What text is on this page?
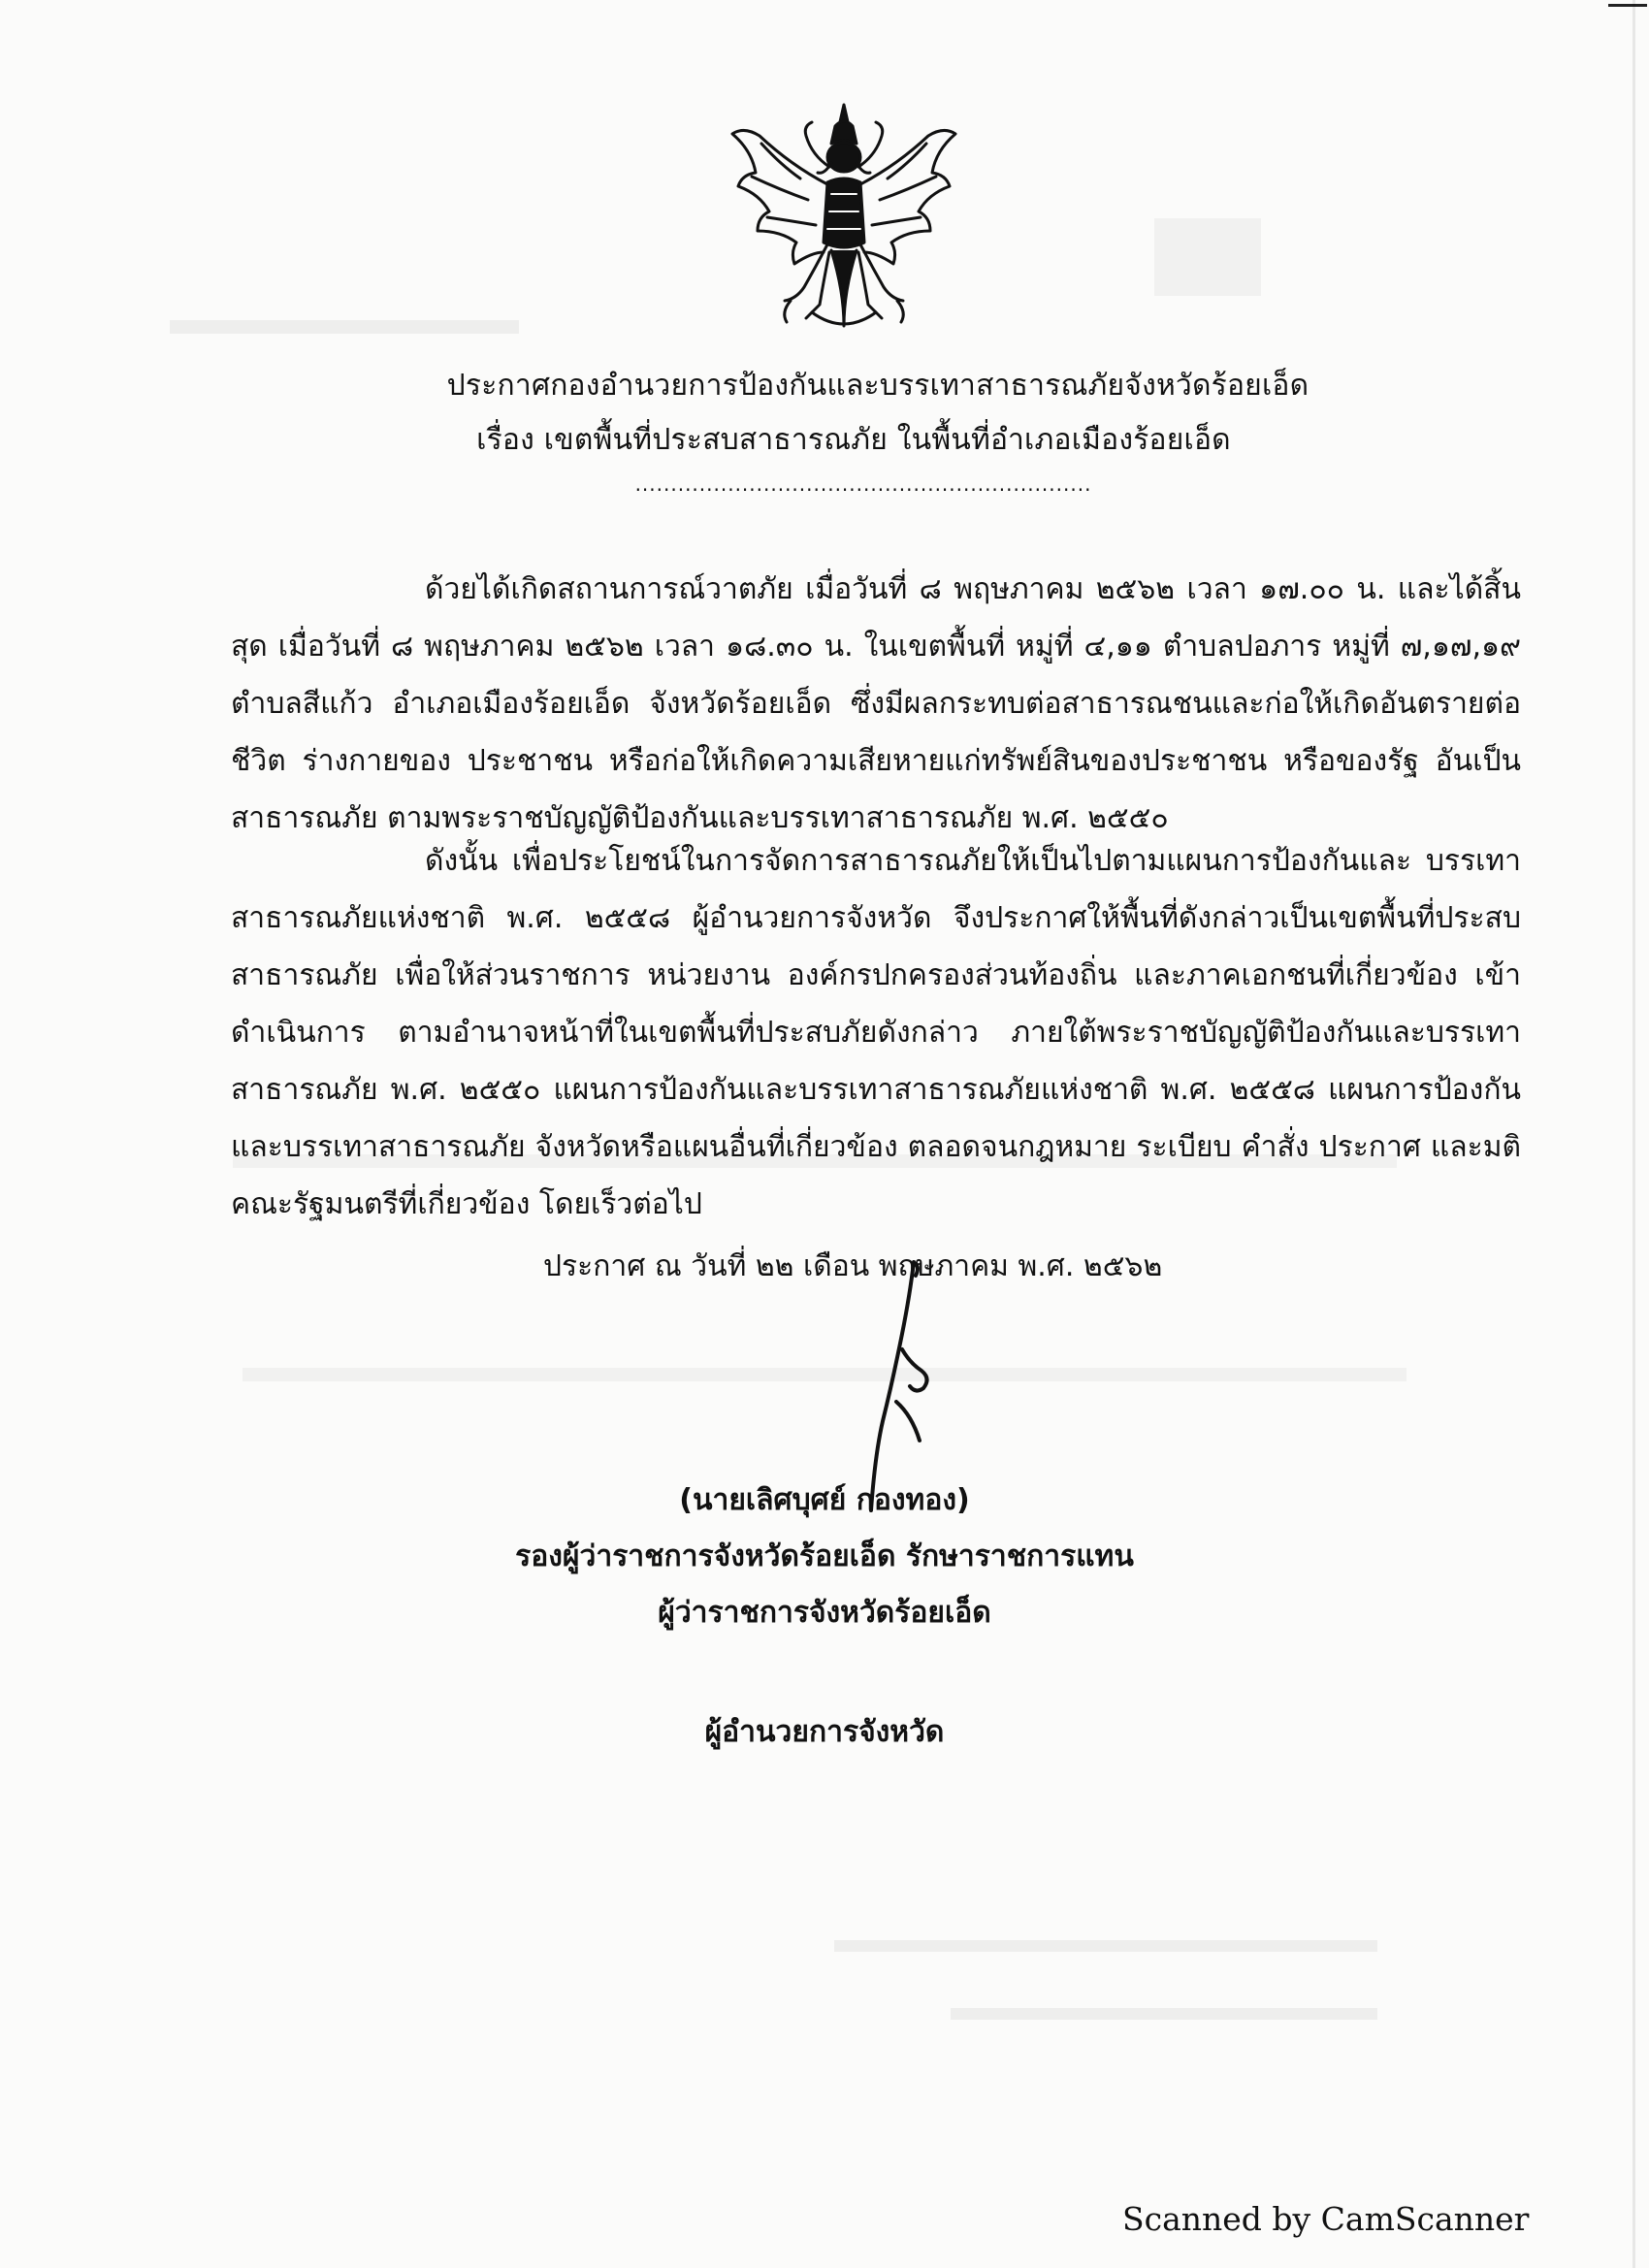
ประกาศกองอำนวยการป้องกันและบรรเทาสาธารณภัยจังหวัดร้อยเอ็ด
เรื่อง เขตพื้นที่ประสบสาธารณภัย ในพื้นที่อำเภอเมืองร้อยเอ็ด
................................................................
ด้วยได้เกิดสถานการณ์วาตภัย เมื่อวันที่ ๘ พฤษภาคม ๒๕๖๒ เวลา ๑๗.๐๐ น. และได้สิ้นสุด เมื่อวันที่ ๘ พฤษภาคม ๒๕๖๒ เวลา ๑๘.๓๐ น. ในเขตพื้นที่ หมู่ที่ ๔,๑๑ ตำบลปอภาร หมู่ที่ ๗,๑๗,๑๙ ตำบลสีแก้ว อำเภอเมืองร้อยเอ็ด จังหวัดร้อยเอ็ด ซึ่งมีผลกระทบต่อสาธารณชนและก่อให้เกิดอันตรายต่อชีวิต ร่างกายของ ประชาชน หรือก่อให้เกิดความเสียหายแก่ทรัพย์สินของประชาชน หรือของรัฐ อันเป็นสาธารณภัย ตามพระราชบัญญัติป้องกันและบรรเทาสาธารณภัย พ.ศ. ๒๕๕๐
ดังนั้น เพื่อประโยชน์ในการจัดการสาธารณภัยให้เป็นไปตามแผนการป้องกันและ บรรเทาสาธารณภัยแห่งชาติ พ.ศ. ๒๕๕๘ ผู้อำนวยการจังหวัด จึงประกาศให้พื้นที่ดังกล่าวเป็นเขตพื้นที่ประสบ สาธารณภัย เพื่อให้ส่วนราชการ หน่วยงาน องค์กรปกครองส่วนท้องถิ่น และภาคเอกชนที่เกี่ยวข้อง เข้าดำเนินการ ตามอำนาจหน้าที่ในเขตพื้นที่ประสบภัยดังกล่าว ภายใต้พระราชบัญญัติป้องกันและบรรเทาสาธารณภัย พ.ศ. ๒๕๕๐ แผนการป้องกันและบรรเทาสาธารณภัยแห่งชาติ พ.ศ. ๒๕๕๘ แผนการป้องกันและบรรเทาสาธารณภัย จังหวัดหรือแผนอื่นที่เกี่ยวข้อง ตลอดจนกฎหมาย ระเบียบ คำสั่ง ประกาศ และมติคณะรัฐมนตรีที่เกี่ยวข้อง โดยเร็วต่อไป
ประกาศ ณ วันที่ ๒๒ เดือน พฤษภาคม พ.ศ. ๒๕๖๒
(นายเลิศบุศย์ กองทอง)
รองผู้ว่าราชการจังหวัดร้อยเอ็ด รักษาราชการแทน
ผู้ว่าราชการจังหวัดร้อยเอ็ด
ผู้อำนวยการจังหวัด
Scanned by CamScanner
